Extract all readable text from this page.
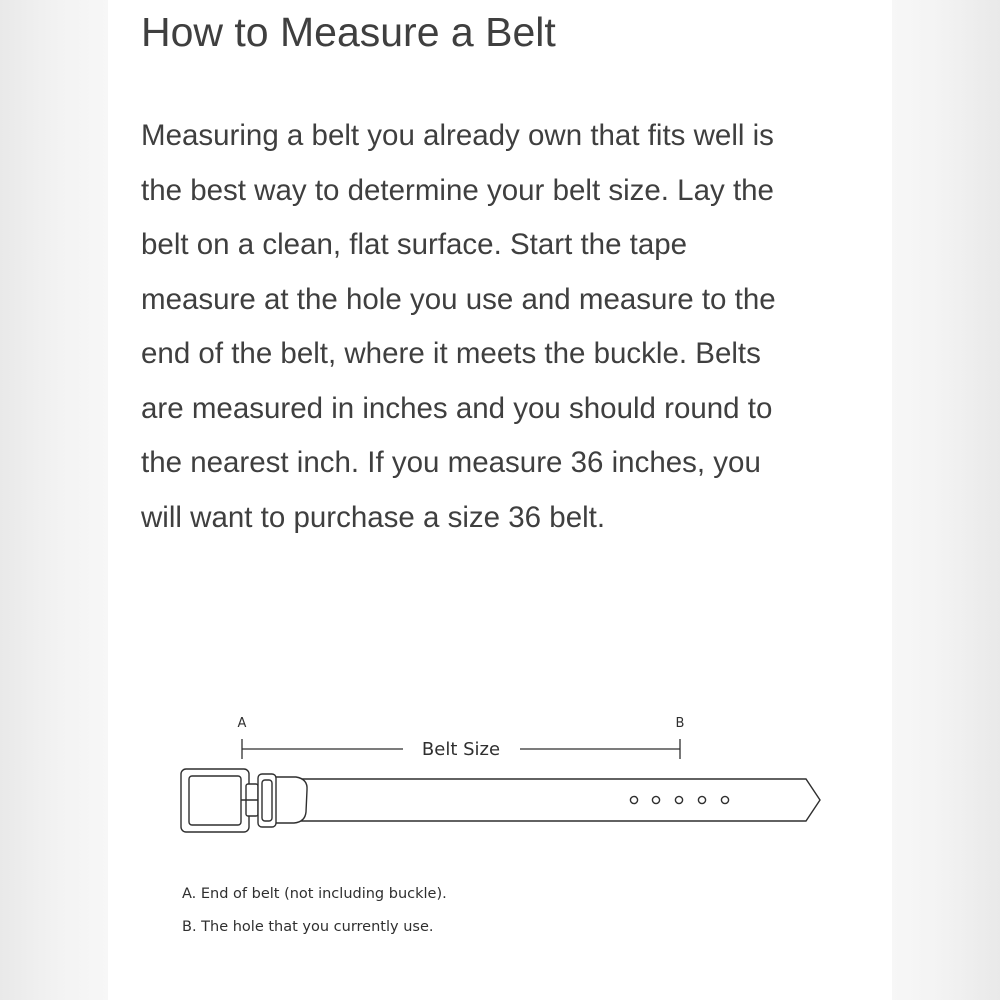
How to Measure a Belt

Measuring a belt you already own that fits well is
the best way to determine your belt size. Lay the
belt on a clean, flat surface. Start the tape
measure at the hole you use and measure to the
end of the belt, where it meets the buckle. Belts
are measured in inches and you should round to
the nearest inch. If you measure 36 inches, you
will want to purchase a size 36 belt.

A	B
Belt Size
A. End of belt (not including buckle).
B. The hole that you currently use.
